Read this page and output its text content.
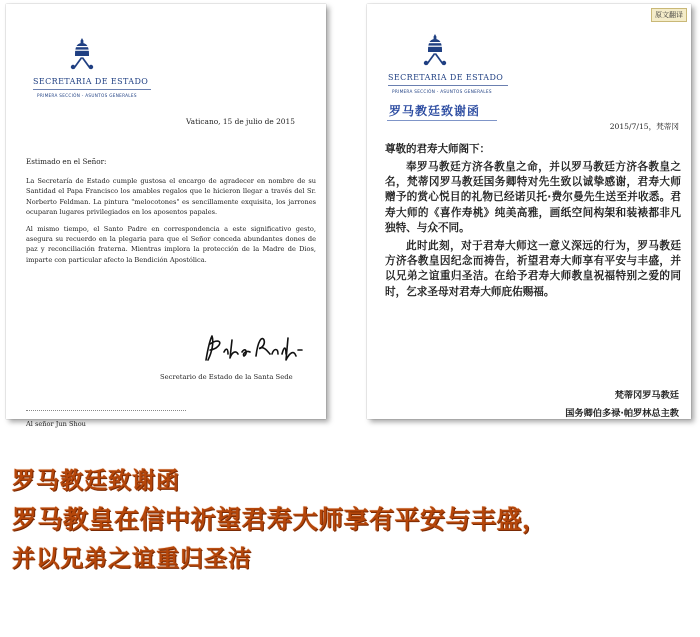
SECRETARIA DE ESTADO
PRIMERA SECCIÓN - ASUNTOS GENERALES
Vaticano, 15 de julio de 2015
Estimado en el Señor:

La Secretaría de Estado cumple gustosa el encargo de agradecer en nombre de su Santidad el Papa Francisco los amables regalos que le hicieron llegar a través del Sr. Norberto Feldman. La pintura "melocotones" es sencillamente exquisita, los jarrones ocuparan lugares privilegiados en los aposentos papales.

Al mismo tiempo, el Santo Padre en correspondencia a este significativo gesto, asegura su recuerdo en la plegaria para que el Señor conceda abundantes dones de paz y reconciliación fraterna. Mientras implora la protección de la Madre de Dios, imparte con particular afecto la Bendición Apostólica.

Secretario de Estado de la Santa Sede
Al señor Jun Shou
原文翻译
SECRETARIA DE ESTADO
PRIMERA SECCIÓN - ASUNTOS GENERALES
罗马教廷致谢函
2015/7/15，梵蒂冈
尊敬的君寿大师阁下：

奉罗马教廷方济各教皇之命，并以罗马教廷方济各教皇之名，梵蒂冈罗马教廷国务卿特对先生致以诚挚感谢，君寿大师赠予的赏心悦目的礼物已经诺贝托·费尔曼先生送至并收悉。君寿大师的《喜作寿桃》纯美高雅，画纸空间构架和装裱都非凡独特、与众不同。

此时此刻，对于君寿大师这一意义深远的行为，罗马教廷方济各教皇因纪念而祷告，祈望君寿大师享有平安与丰盛，并以兄弟之谊重归圣洁。在给予君寿大师教皇祝福特别之爱的同时，乞求圣母对君寿大师庇佑赐福。

梵蒂冈罗马教廷
国务卿伯多禄·帕罗林总主教
罗马教廷致谢函
罗马教皇在信中祈望君寿大师享有平安与丰盛，
并以兄弟之谊重归圣洁
